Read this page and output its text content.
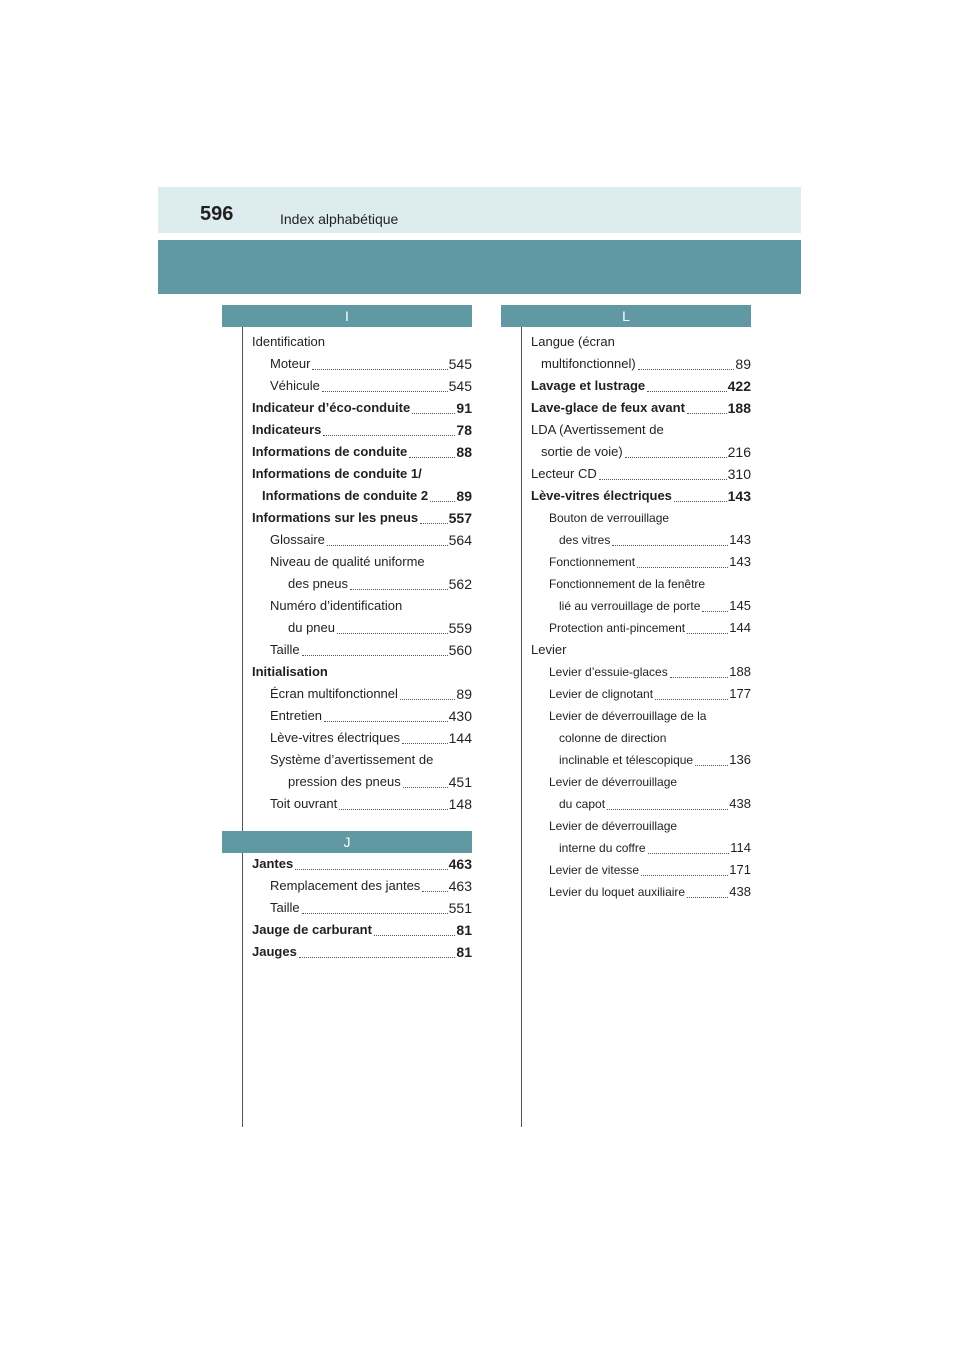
596	Index alphabétique
I
Identification
Moteur	545
Véhicule	545
Indicateur d’éco-conduite	91
Indicateurs	78
Informations de conduite	88
Informations de conduite 1/
Informations de conduite 2 89
Informations sur les pneus 557
Glossaire	564
Niveau de qualité uniforme
des pneus	562
Numéro d’identification
du pneu	559
Taille	560
Initialisation
Écran multifonctionnel	89
Entretien	430
Lève-vitres électriques	144
Système d’avertissement de
pression des pneus	451
Toit ouvrant	148
J
Jantes	463
Remplacement des jantes 463
Taille	551
Jauge de carburant	81
Jauges	81
L
Langue (écran
multifonctionnel)	89
Lavage et lustrage	422
Lave-glace de feux avant	188
LDA (Avertissement de
sortie de voie)	216
Lecteur CD	310
Lève-vitres électriques	143
Bouton de verrouillage
des vitres	143
Fonctionnement	143
Fonctionnement de la fenêtre
lié au verrouillage de porte 145
Protection anti-pincement	144
Levier
Levier d’essuie-glaces	188
Levier de clignotant	177
Levier de déverrouillage de la
colonne de direction
inclinable et télescopique	136
Levier de déverrouillage
du capot	438
Levier de déverrouillage
interne du coffre	114
Levier de vitesse	171
Levier du loquet auxiliaire	438
